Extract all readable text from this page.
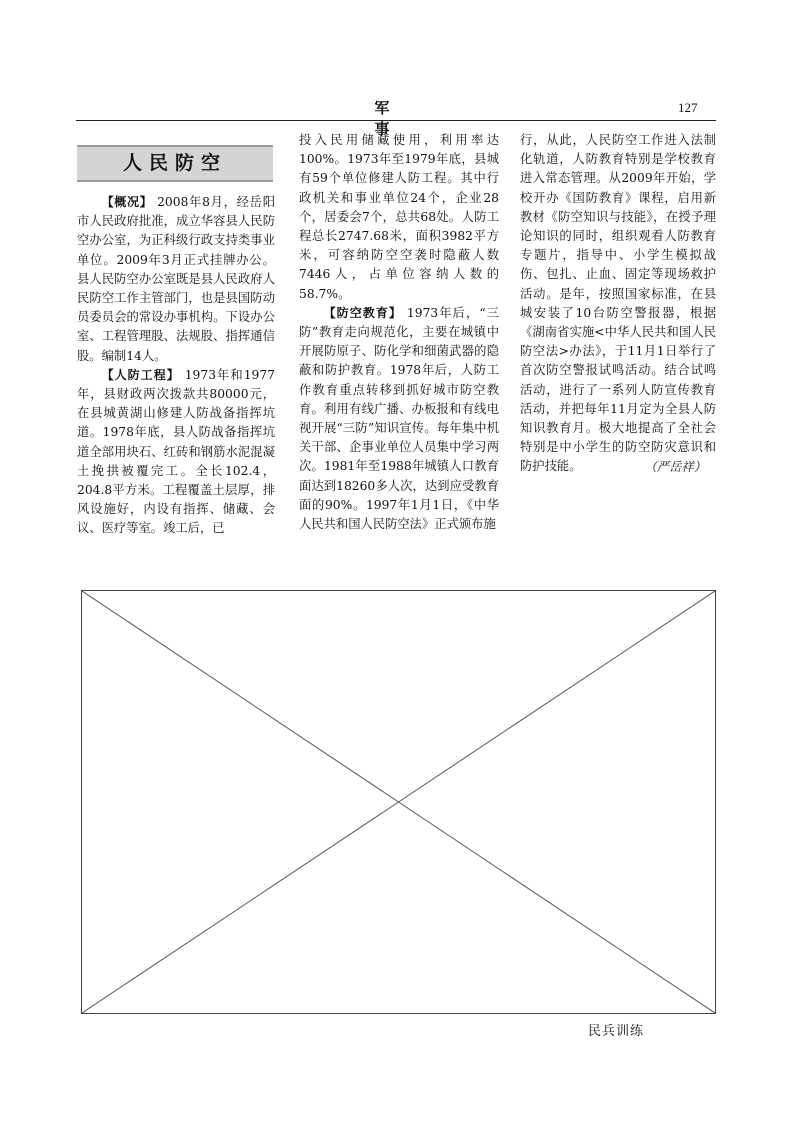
军 事
127
人民防空

【概况】 2008年8月，经岳阳市人民政府批准，成立华容县人民防空办公室，为正科级行政支持类事业单位。2009年3月正式挂牌办公。县人民防空办公室既是县人民政府人民防空工作主管部门，也是县国防动员委员会的常设办事机构。下设办公室、工程管理股、法规股、指挥通信股。编制14人。

【人防工程】 1973年和1977年，县财政两次拨款共80000元，在县城黄湖山修建人防战备指挥坑道。1978年底，县人防战备指挥坑道全部用块石、红砖和钢筋水泥混凝土挽拱被覆完工。全长102.4，204.8平方米。工程覆盖土层厚，排风设施好，内设有指挥、储藏、会议、医疗等室。竣工后，已

投入民用储藏使用，利用率达100%。1973年至1979年底，县城有59个单位修建人防工程。其中行政机关和事业单位24个，企业28个，居委会7个，总共68处。人防工程总长2747.68米，面积3982平方米，可容纳防空空袭时隐蔽人数7446人，占单位容纳人数的58.7%。

【防空教育】 1973年后，“三防”教育走向规范化，主要在城镇中开展防原子、防化学和细菌武器的隐蔽和防护教育。1978年后，人防工作教育重点转移到抓好城市防空教育。利用有线广播、办板报和有线电视开展“三防”知识宣传。每年集中机关干部、企事业单位人员集中学习两次。1981年至1988年城镇人口教育面达到18260多人次，达到应受教育面的90%。1997年1月1日，《中华人民共和国人民防空法》正式颁布施

行，从此，人民防空工作进入法制化轨道，人防教育特别是学校教育进入常态管理。从2009年开始，学校开办《国防教育》课程，启用新教材《防空知识与技能》，在授予理论知识的同时，组织观看人防教育专题片，指导中、小学生模拟战伤、包扎、止血、固定等现场救护活动。是年，按照国家标准，在县城安装了10台防空警报器，根据《湖南省实施<中华人民共和国人民防空法>办法》，于11月1日举行了首次防空警报试鸣活动。结合试鸣活动，进行了一系列人防宣传教育活动，并把每年11月定为全县人防知识教育月。极大地提高了全社会特别是中小学生的防空防灾意识和防护技能。	（严岳祥）
民兵训练
